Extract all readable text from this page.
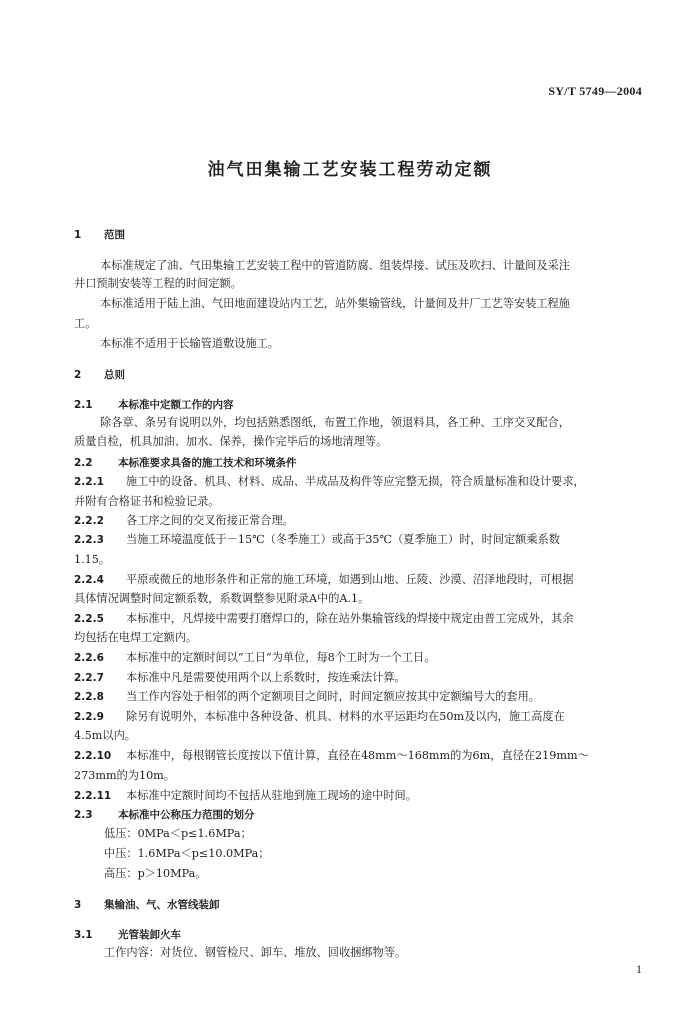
SY/T 5749—2004
油气田集输工艺安装工程劳动定额
1 范围
本标准规定了油、气田集输工艺安装工程中的管道防腐、组装焊接、试压及吹扫、计量间及采注
井口预制安装等工程的时间定额。
本标准适用于陆上油、气田地面建设站内工艺，站外集输管线，计量间及井厂工艺等安装工程施
工。
本标准不适用于长输管道敷设施工。
2 总则
2.1 本标准中定额工作的内容
除各章、条另有说明以外，均包括熟悉图纸，布置工作地，领退料具，各工种、工序交叉配合，
质量自检，机具加油、加水、保养，操作完毕后的场地清理等。
2.2 本标准要求具备的施工技术和环境条件
2.2.1 施工中的设备、机具、材料、成品、半成品及构件等应完整无损，符合质量标准和设计要求，
并附有合格证书和检验记录。
2.2.2 各工序之间的交叉衔接正常合理。
2.2.3 当施工环境温度低于－15℃（冬季施工）或高于35℃（夏季施工）时，时间定额乘系数
1.15。
2.2.4 平原或微丘的地形条件和正常的施工环境，如遇到山地、丘陵、沙漠、沼泽地段时，可根据
具体情况调整时间定额系数，系数调整参见附录A中的A.1。
2.2.5 本标准中，凡焊接中需要打磨焊口的，除在站外集输管线的焊接中规定由普工完成外，其余
均包括在电焊工定额内。
2.2.6 本标准中的定额时间以“工日”为单位，每8个工时为一个工日。
2.2.7 本标准中凡是需要使用两个以上系数时，按连乘法计算。
2.2.8 当工作内容处于相邻的两个定额项目之间时，时间定额应按其中定额编号大的套用。
2.2.9 除另有说明外，本标准中各种设备、机具、材料的水平运距均在50m及以内，施工高度在
4.5m以内。
2.2.10 本标准中，每根钢管长度按以下值计算，直径在48mm～168mm的为6m，直径在219mm～
273mm的为10m。
2.2.11 本标准中定额时间均不包括从驻地到施工现场的途中时间。
2.3 本标准中公称压力范围的划分
低压：0MPa＜p≤1.6MPa；
中压：1.6MPa＜p≤10.0MPa；
高压：p＞10MPa。
3 集输油、气、水管线装卸
3.1 光管装卸火车
工作内容：对货位、钢管检尺、卸车、堆放、回收捆绑物等。
1
